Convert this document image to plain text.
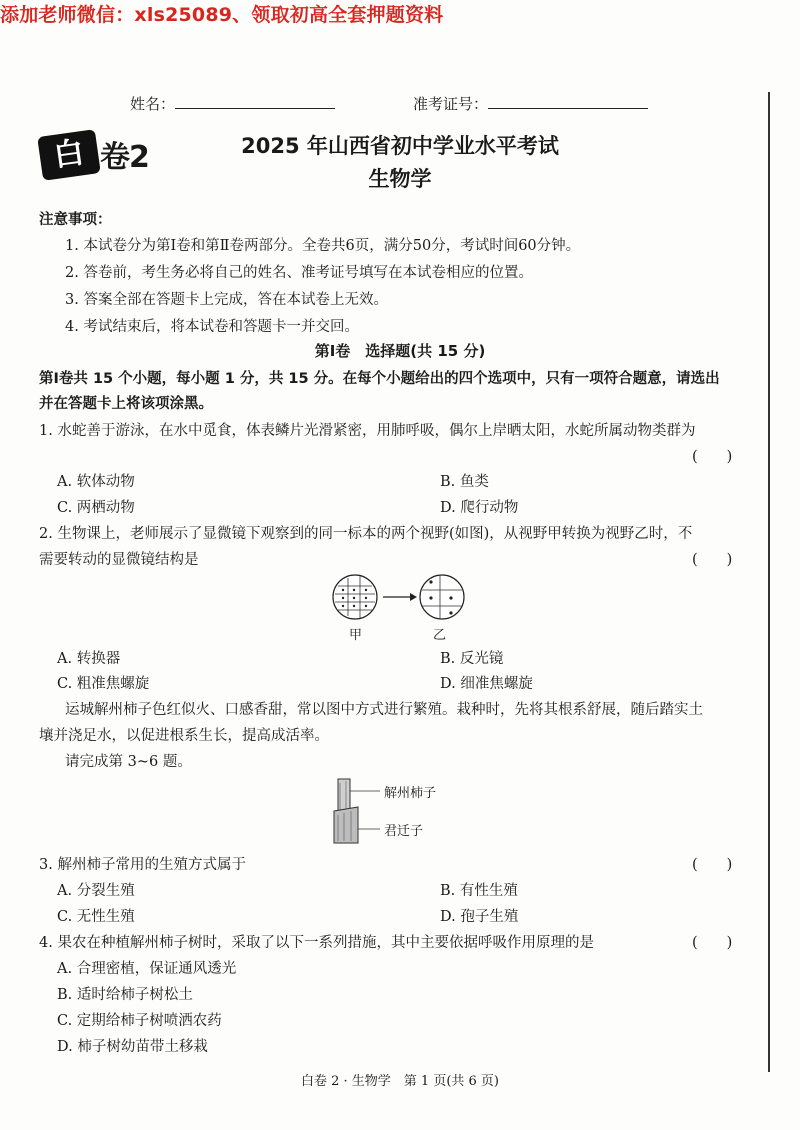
添加老师微信：xls25089、领取初高全套押题资料
姓名：	准考证号：
白 卷2	2025 年山西省初中学业水平考试
生物学
注意事项：
1. 本试卷分为第Ⅰ卷和第Ⅱ卷两部分。全卷共6页，满分50分，考试时间60分钟。
2. 答卷前，考生务必将自己的姓名、准考证号填写在本试卷相应的位置。
3. 答案全部在答题卡上完成，答在本试卷上无效。
4. 考试结束后，将本试卷和答题卡一并交回。
第Ⅰ卷　选择题(共 15 分)
第Ⅰ卷共 15 个小题，每小题 1 分，共 15 分。在每个小题给出的四个选项中，只有一项符合题意，请选出
并在答题卡上将该项涂黑。
1. 水蛇善于游泳，在水中觅食，体表鳞片光滑紧密，用肺呼吸，偶尔上岸晒太阳，水蛇所属动物类群为
(　　)
A. 软体动物	B. 鱼类
C. 两栖动物	D. 爬行动物
2. 生物课上，老师展示了显微镜下观察到的同一标本的两个视野(如图)，从视野甲转换为视野乙时，不
需要转动的显微镜结构是	(　　)
甲	乙
A. 转换器	B. 反光镜
C. 粗准焦螺旋	D. 细准焦螺旋
运城解州柿子色红似火、口感香甜，常以图中方式进行繁殖。栽种时，先将其根系舒展，随后踏实土
壤并浇足水，以促进根系生长，提高成活率。
请完成第 3~6 题。
解州柿子
君迁子
3. 解州柿子常用的生殖方式属于	(　　)
A. 分裂生殖	B. 有性生殖
C. 无性生殖	D. 孢子生殖
4. 果农在种植解州柿子树时，采取了以下一系列措施，其中主要依据呼吸作用原理的是	(　　)
A. 合理密植，保证通风透光
B. 适时给柿子树松土
C. 定期给柿子树喷洒农药
D. 柿子树幼苗带土移栽
白卷 2 · 生物学　第 1 页(共 6 页)
